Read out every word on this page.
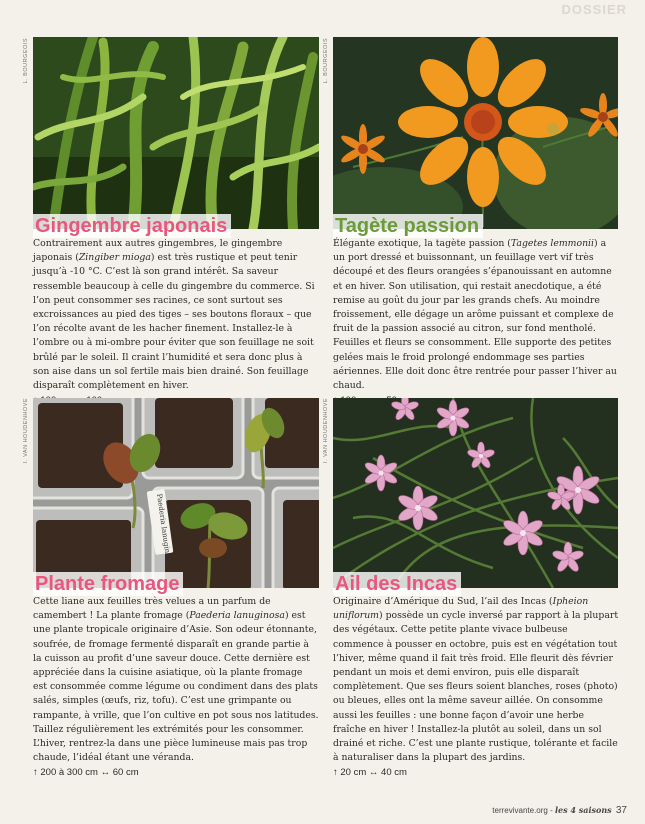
DOSSIER
L. BOURGEOIS
Gingembre japonais
L. BOURGEOIS
Tagète passion

Contrairement aux autres gingembres, le gingembre japonais (Zingiber mioga) est très rustique et peut tenir jusqu’à -10 °C. C’est là son grand intérêt. Sa saveur ressemble beaucoup à celle du gingembre du commerce. Si l’on peut consommer ses racines, ce sont surtout ses excroissances au pied des tiges – ses boutons floraux – que l’on récolte avant de les hacher finement. Installez-le à l’ombre ou à mi-ombre pour éviter que son feuillage ne soit brûlé par le soleil. Il craint l’humidité et sera donc plus à son aise dans un sol fertile mais bien drainé. Son feuillage disparaît complètement en hiver.

Élégante exotique, la tagète passion (Tagetes lemmonii) a un port dressé et buissonnant, un feuillage vert vif très découpé et des fleurs orangées s’épanouissant en automne et en hiver. Son utilisation, qui restait anecdotique, a été remise au goût du jour par les grands chefs. Au moindre froissement, elle dégage un arôme puissant et complexe de fruit de la passion associé au citron, sur fond mentholé. Feuilles et fleurs se consomment. Elle supporte des petites gelées mais le froid prolongé endommage ses parties aériennes. Elle doit donc être rentrée pour passer l’hiver au chaud.

Paederia lanuginosa
I. VAN HOUDENHOVE
Plante fromage
I. VAN HOUDENHOVE
Ail des Incas

Cette liane aux feuilles très velues a un parfum de camembert ! La plante fromage (Paederia lanuginosa) est une plante tropicale originaire d’Asie. Son odeur étonnante, soufrée, de fromage fermenté disparaît en grande partie à la cuisson au profit d’une saveur douce. Cette dernière est appréciée dans la cuisine asiatique, où la plante fromage est consommée comme légume ou condiment dans des plats salés, simples (œufs, riz, tofu). C’est une grimpante ou rampante, à vrille, que l’on cultive en pot sous nos latitudes. Taillez régulièrement les extrémités pour les consommer. L’hiver, rentrez-la dans une pièce lumineuse mais pas trop chaude, l’idéal étant une véranda.

↑ 200 à 300 cm ↔ 60 cm

Originaire d’Amérique du Sud, l’ail des Incas (Ipheion uniflorum) possède un cycle inversé par rapport à la plupart des végétaux. Cette petite plante vivace bulbeuse commence à pousser en octobre, puis est en végétation tout l’hiver, même quand il fait très froid. Elle fleurit dès février pendant un mois et demi environ, puis elle disparaît complètement. Que ses fleurs soient blanches, roses (photo) ou bleues, elles ont la même saveur aillée. On consomme aussi les feuilles : une bonne façon d’avoir une herbe fraîche en hiver ! Installez-la plutôt au soleil, dans un sol drainé et riche. C’est une plante rustique, tolérante et facile à naturaliser dans la plupart des jardins.

↑ 20 cm ↔ 40 cm
terrevivante.org - les 4 saisons 37
